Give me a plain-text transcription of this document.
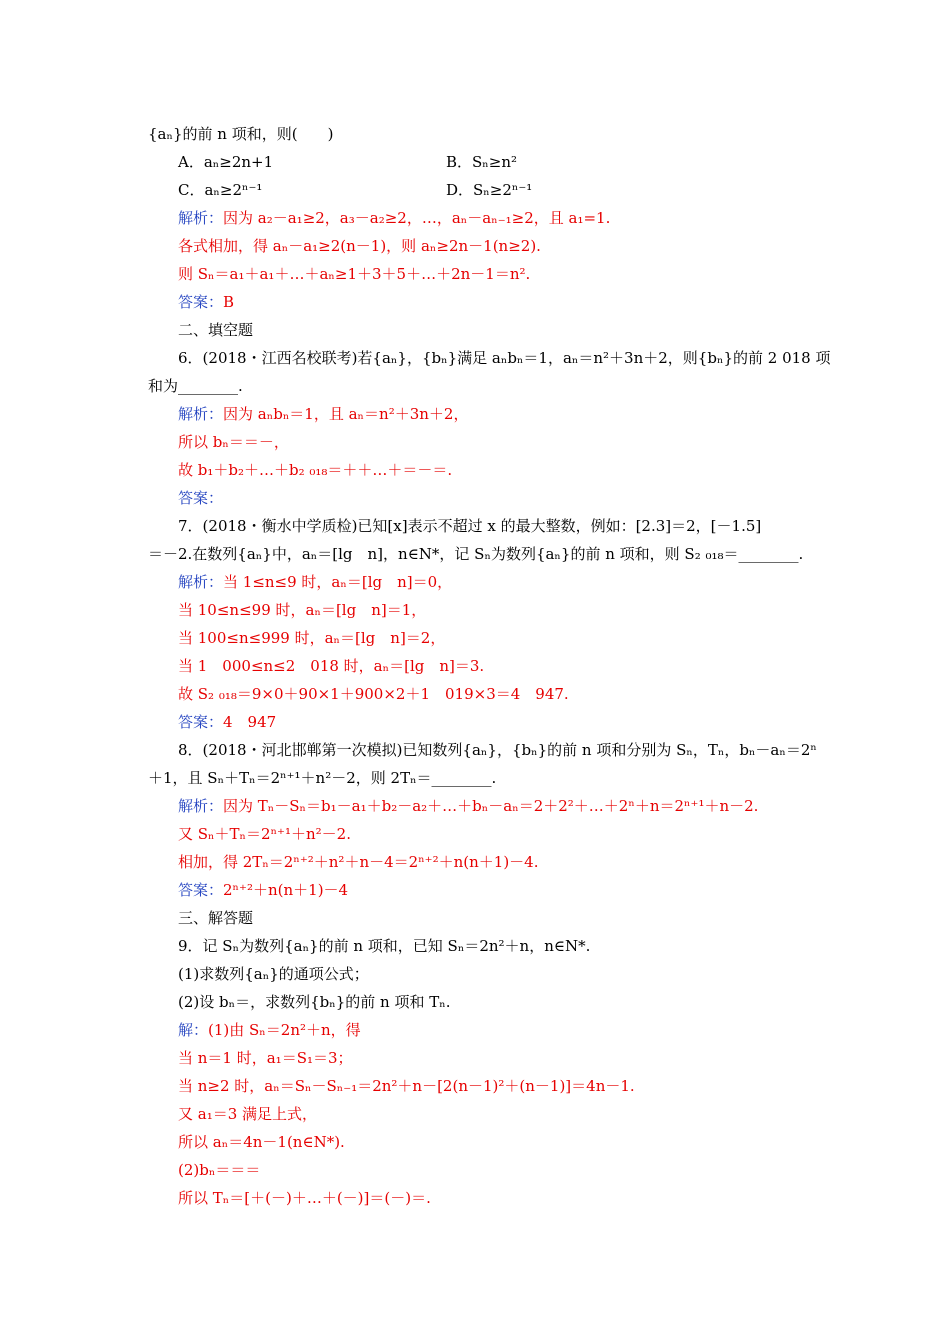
{aₙ}的前 n 项和，则(　　)
A．aₙ≥2n+1	B．Sₙ≥n²
C．aₙ≥2ⁿ⁻¹	D．Sₙ≥2ⁿ⁻¹
解析：因为 a₂－a₁≥2，a₃－a₂≥2，…，aₙ－aₙ₋₁≥2，且 a₁=1.
各式相加，得 aₙ－a₁≥2(n－1)，则 aₙ≥2n－1(n≥2).
则 Sₙ＝a₁＋a₁＋…＋aₙ≥1＋3＋5＋…＋2n－1＝n².
答案：B
二、填空题
6．(2018・江西名校联考)若{aₙ}，{bₙ}满足 aₙbₙ＝1，aₙ＝n²＋3n＋2，则{bₙ}的前 2 018 项
和为________.
解析：因为 aₙbₙ＝1，且 aₙ＝n²＋3n＋2，
所以 bₙ＝＝－，
故 b₁＋b₂＋…＋b₂ ₀₁₈＝＋＋…＋＝－＝.
答案：
7．(2018・衡水中学质检)已知[x]表示不超过 x 的最大整数，例如：[2.3]＝2，[－1.5]
＝－2.在数列{aₙ}中，aₙ＝[lg　n]，n∈N*，记 Sₙ为数列{aₙ}的前 n 项和，则 S₂ ₀₁₈＝________.
解析：当 1≤n≤9 时，aₙ＝[lg　n]＝0，
当 10≤n≤99 时，aₙ＝[lg　n]＝1，
当 100≤n≤999 时，aₙ＝[lg　n]＝2，
当 1　000≤n≤2　018 时，aₙ＝[lg　n]＝3.
故 S₂ ₀₁₈＝9×0＋90×1＋900×2＋1　019×3＝4　947.
答案：4　947
8．(2018・河北邯郸第一次模拟)已知数列{aₙ}，{bₙ}的前 n 项和分别为 Sₙ，Tₙ，bₙ－aₙ＝2ⁿ
＋1，且 Sₙ＋Tₙ＝2ⁿ⁺¹＋n²－2，则 2Tₙ＝________.
解析：因为 Tₙ－Sₙ＝b₁－a₁＋b₂－a₂＋…＋bₙ－aₙ＝2＋2²＋…＋2ⁿ＋n＝2ⁿ⁺¹＋n－2.
又 Sₙ＋Tₙ＝2ⁿ⁺¹＋n²－2.
相加，得 2Tₙ＝2ⁿ⁺²＋n²＋n－4＝2ⁿ⁺²＋n(n＋1)－4.
答案：2ⁿ⁺²＋n(n＋1)－4
三、解答题
9．记 Sₙ为数列{aₙ}的前 n 项和，已知 Sₙ＝2n²＋n，n∈N*.
(1)求数列{aₙ}的通项公式；
(2)设 bₙ＝，求数列{bₙ}的前 n 项和 Tₙ.
解：(1)由 Sₙ＝2n²＋n，得
当 n＝1 时，a₁＝S₁＝3；
当 n≥2 时，aₙ＝Sₙ－Sₙ₋₁＝2n²＋n－[2(n－1)²＋(n－1)]＝4n－1.
又 a₁＝3 满足上式，
所以 aₙ＝4n－1(n∈N*).
(2)bₙ＝＝＝
所以 Tₙ＝[＋(－)＋…＋(－)]＝(－)＝.
